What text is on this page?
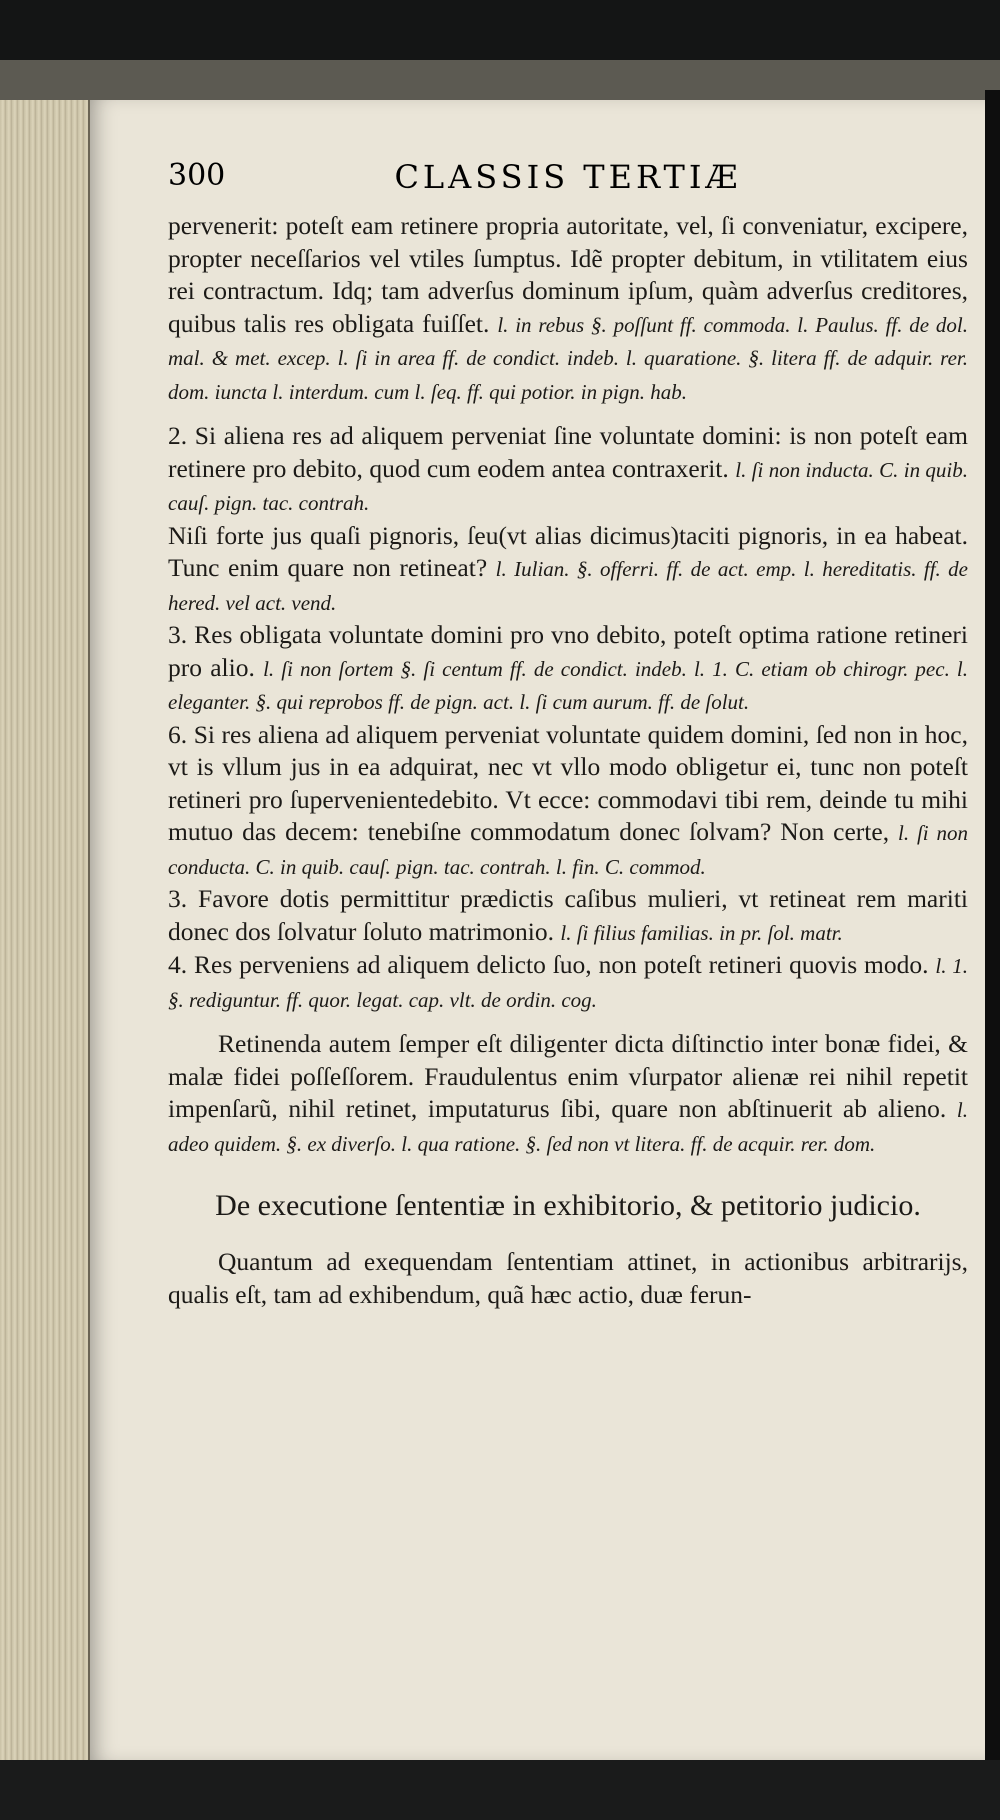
300	CLASSIS TERTIÆ

pervenerit: poteſt eam retinere propria autoritate, vel, ſi conveniatur, excipere, propter neceſſarios vel vtiles ſumptus. Idẽ propter debitum, in vtilitatem eius rei contractum. Idq; tam adverſus dominum ipſum, quàm adverſus creditores, quibus talis res obligata fuiſſet. l. in rebus §. poſſunt ff. commoda. l. Paulus. ff. de dol. mal. & met. excep. l. ſi in area ff. de condict. indeb. l. quaratione. §. litera ff. de adquir. rer. dom. iuncta l. interdum. cum l. ſeq. ff. qui potior. in pign. hab.

2. Si aliena res ad aliquem perveniat ſine voluntate domini: is non poteſt eam retinere pro debito, quod cum eodem antea contraxerit. l. ſi non inducta. C. in quib. cauſ. pign. tac. contrah.

Niſi forte jus quaſi pignoris, ſeu(vt alias dicimus)taciti pignoris, in ea habeat. Tunc enim quare non retineat? l. Iulian. §. offerri. ff. de act. emp. l. hereditatis. ff. de hered. vel act. vend.

3. Res obligata voluntate domini pro vno debito, poteſt optima ratione retineri pro alio. l. ſi non ſortem §. ſi centum ff. de condict. indeb. l. 1. C. etiam ob chirogr. pec. l. eleganter. §. qui reprobos ff. de pign. act. l. ſi cum aurum. ff. de ſolut.

6. Si res aliena ad aliquem perveniat voluntate quidem domini, ſed non in hoc, vt is vllum jus in ea adquirat, nec vt vllo modo obligetur ei, tunc non poteſt retineri pro ſupervenientedebito. Vt ecce: commodavi tibi rem, deinde tu mihi mutuo das decem: tenebiſne commodatum donec ſolvam? Non certe, l. ſi non conducta. C. in quib. cauſ. pign. tac. contrah. l. fin. C. commod.

3. Favore dotis permittitur prædictis caſibus mulieri, vt retineat rem mariti donec dos ſolvatur ſoluto matrimonio. l. ſi filius familias. in pr. ſol. matr.

4. Res perveniens ad aliquem delicto ſuo, non poteſt retineri quovis modo. l. 1. §. rediguntur. ff. quor. legat. cap. vlt. de ordin. cog.

Retinenda autem ſemper eſt diligenter dicta diſtinctio inter bonæ fidei, & malæ fidei poſſeſſorem. Fraudulentus enim vſurpator alienæ rei nihil repetit impenſarũ, nihil retinet, imputaturus ſibi, quare non abſtinuerit ab alieno. l. adeo quidem. §. ex diverſo. l. qua ratione. §. ſed non vt litera. ff. de acquir. rer. dom.

De executione ſententiæ in exhibitorio, & petitorio judicio.

Quantum ad exequendam ſententiam attinet, in actionibus arbitrarijs, qualis eſt, tam ad exhibendum, quã hæc actio, duæ ferun-
